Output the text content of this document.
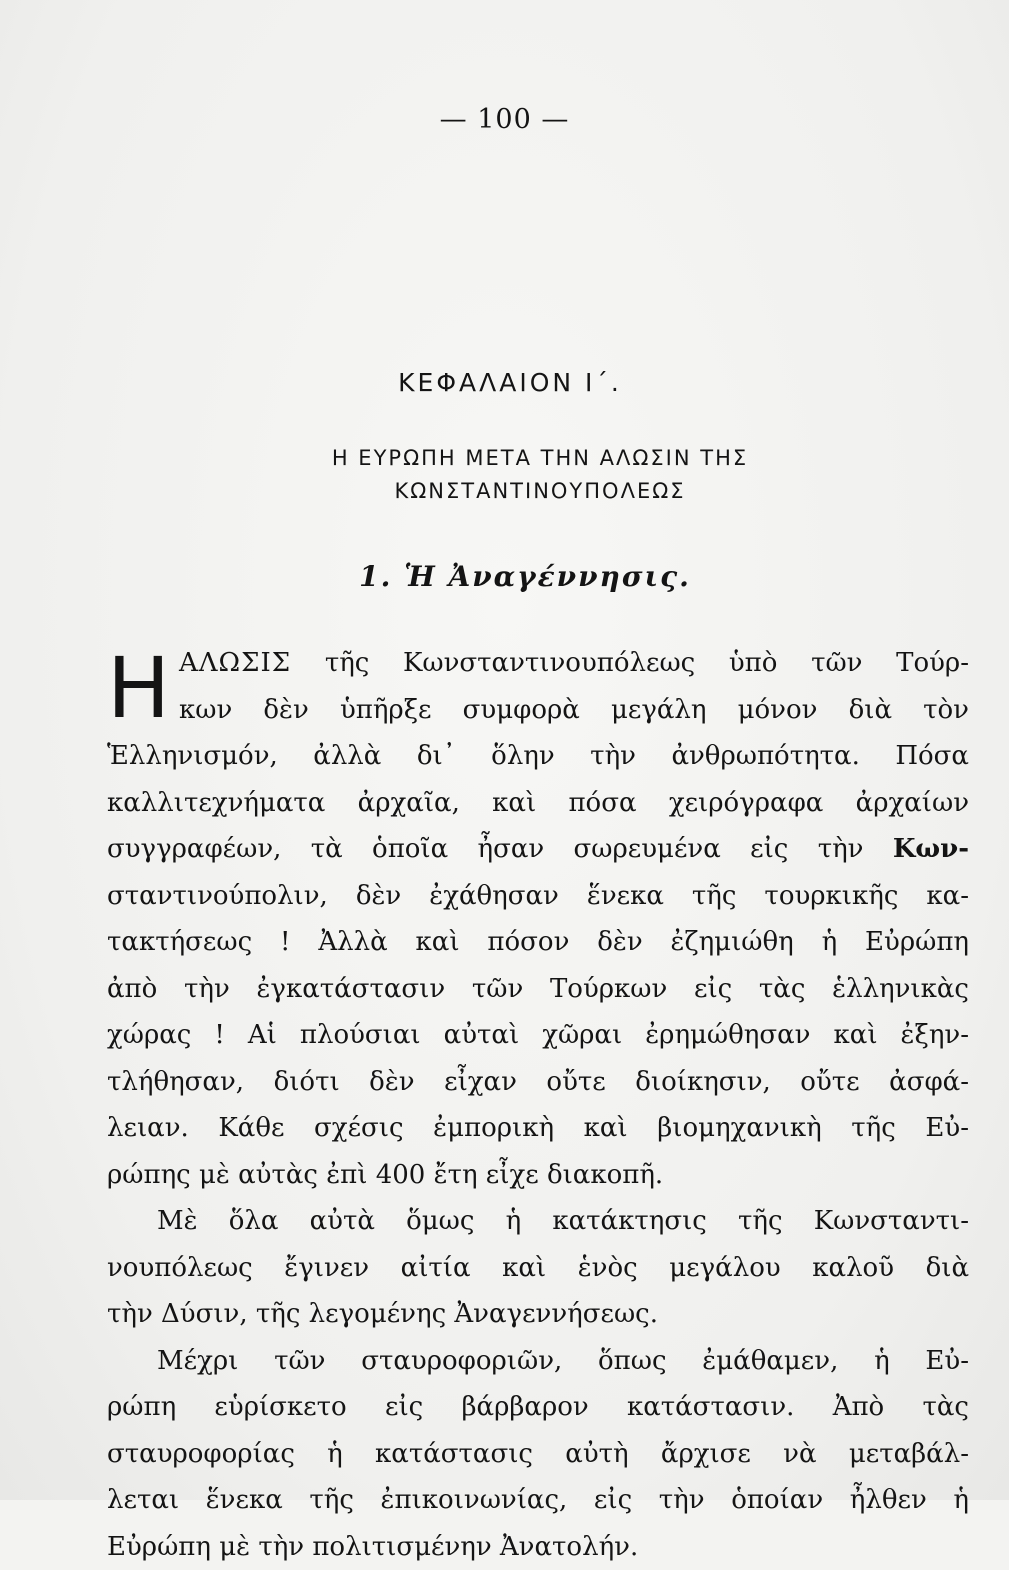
— 100 —
ΚΕΦΑΛΑΙΟΝ Ι΄.
Η ΕΥΡΩΠΗ ΜΕΤΑ ΤΗΝ ΑΛΩΣΙΝ ΤΗΣ
ΚΩΝΣΤΑΝΤΙΝΟΥΠΟΛΕΩΣ
1. Ἡ Ἀναγέννησις.
Η ΑΛΩΣΙΣ τῆς Κωνσταντινουπόλεως ὑπὸ τῶν Τούρ-
κων δὲν ὑπῆρξε συμφορὰ μεγάλη μόνον διὰ τὸν
Ἑλληνισμόν, ἀλλὰ δι᾽ ὅλην τὴν ἀνθρωπότητα. Πόσα
καλλιτεχνήματα ἀρχαῖα, καὶ πόσα χειρόγραφα ἀρχαίων
συγγραφέων, τὰ ὁποῖα ἦσαν σωρευμένα εἰς τὴν Κων-
σταντινούπολιν, δὲν ἐχάθησαν ἕνεκα τῆς τουρκικῆς κα-
τακτήσεως ! Ἀλλὰ καὶ πόσον δὲν ἐζημιώθη ἡ Εὐρώπη
ἀπὸ τὴν ἐγκατάστασιν τῶν Τούρκων εἰς τὰς ἑλληνικὰς
χώρας ! Αἱ πλούσιαι αὐταὶ χῶραι ἐρημώθησαν καὶ ἐξην-
τλήθησαν, διότι δὲν εἶχαν οὔτε διοίκησιν, οὔτε ἀσφά-
λειαν. Κάθε σχέσις ἐμπορικὴ καὶ βιομηχανικὴ τῆς Εὐ-
ρώπης μὲ αὐτὰς ἐπὶ 400 ἔτη εἶχε διακοπῆ.
Μὲ ὅλα αὐτὰ ὅμως ἡ κατάκτησις τῆς Κωνσταντι-
νουπόλεως ἔγινεν αἰτία καὶ ἑνὸς μεγάλου καλοῦ διὰ
τὴν Δύσιν, τῆς λεγομένης Ἀναγεννήσεως.
Μέχρι τῶν σταυροφοριῶν, ὅπως ἐμάθαμεν, ἡ Εὐ-
ρώπη εὑρίσκετο εἰς βάρβαρον κατάστασιν. Ἀπὸ τὰς
σταυροφορίας ἡ κατάστασις αὐτὴ ἄρχισε νὰ μεταβάλ-
λεται ἕνεκα τῆς ἐπικοινωνίας, εἰς τὴν ὁποίαν ἦλθεν ἡ
Εὐρώπη μὲ τὴν πολιτισμένην Ἀνατολήν.
